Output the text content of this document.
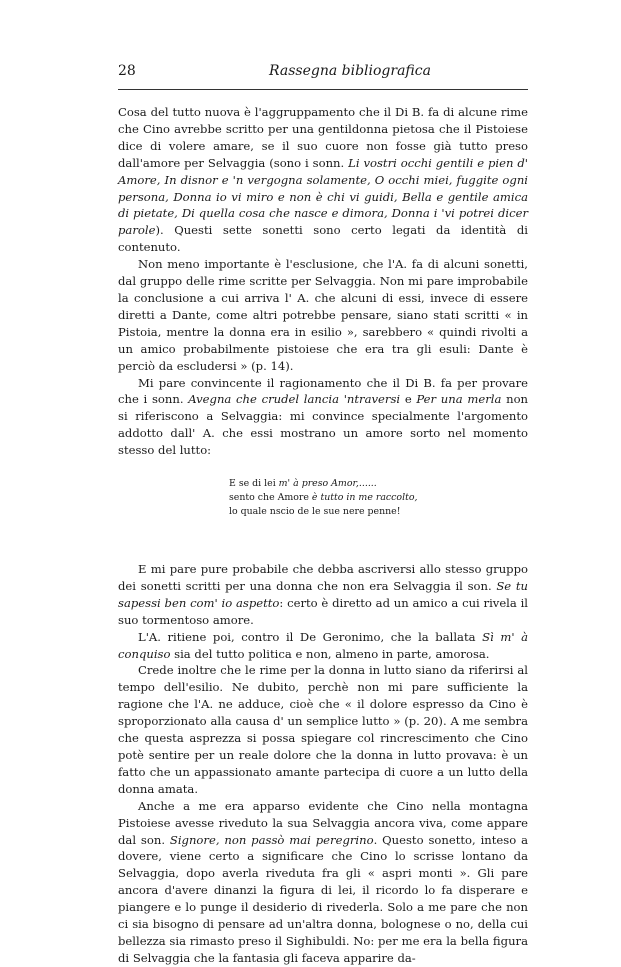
28	Rassegna bibliografica

Cosa del tutto nuova è l'aggruppamento che il Di B. fa di alcune rime che Cino avrebbe scritto per una gentildonna pietosa che il Pistoiese dice di volere amare, se il suo cuore non fosse già tutto preso dall'amore per Selvaggia (sono i sonn. Li vostri occhi gentili e pien d' Amore, In disnor e 'n vergogna solamente, O occhi miei, fuggite ogni persona, Donna io vi miro e non è chi vi guidi, Bella e gentile amica di pietate, Di quella cosa che nasce e dimora, Donna i 'vi potrei dicer parole). Questi sette sonetti sono certo legati da identità di contenuto.

Non meno importante è l'esclusione, che l'A. fa di alcuni sonetti, dal gruppo delle rime scritte per Selvaggia. Non mi pare improbabile la conclusione a cui arriva l' A. che alcuni di essi, invece di essere diretti a Dante, come altri potrebbe pensare, siano stati scritti « in Pistoia, mentre la donna era in esilio », sarebbero « quindi rivolti a un amico probabilmente pistoiese che era tra gli esuli: Dante è perciò da escludersi » (p. 14).

Mi pare convincente il ragionamento che il Di B. fa per provare che i sonn. Avegna che crudel lancia 'ntraversi e Per una merla non si riferiscono a Selvaggia: mi convince specialmente l'argomento addotto dall' A. che essi mostrano un amore sorto nel momento stesso del lutto:

E se di lei m' à preso Amor,......
sento che Amore è tutto in me raccolto,
lo quale nscio de le sue nere penne!

E mi pare pure probabile che debba ascriversi allo stesso gruppo dei sonetti scritti per una donna che non era Selvaggia il son. Se tu sapessi ben com' io aspetto: certo è diretto ad un amico a cui rivela il suo tormentoso amore.

L'A. ritiene poi, contro il De Geronimo, che la ballata Sì m' à conquiso sia del tutto politica e non, almeno in parte, amorosa.

Crede inoltre che le rime per la donna in lutto siano da riferirsi al tempo dell'esilio. Ne dubito, perchè non mi pare sufficiente la ragione che l'A. ne adduce, cioè che « il dolore espresso da Cino è sproporzionato alla causa d' un semplice lutto » (p. 20). A me sembra che questa asprezza si possa spiegare col rincrescimento che Cino potè sentire per un reale dolore che la donna in lutto provava: è un fatto che un appassionato amante partecipa di cuore a un lutto della donna amata.

Anche a me era apparso evidente che Cino nella montagna Pistoiese avesse riveduto la sua Selvaggia ancora viva, come appare dal son. Signore, non passò mai peregrino. Questo sonetto, inteso a dovere, viene certo a significare che Cino lo scrisse lontano da Selvaggia, dopo averla riveduta fra gli « aspri monti ». Gli pare ancora d'avere dinanzi la figura di lei, il ricordo lo fa disperare e piangere e lo punge il desiderio di rivederla. Solo a me pare che non ci sia bisogno di pensare ad un'altra donna, bolognese o no, della cui bellezza sia rimasto preso il Sighibuldi. No: per me era la bella figura di Selvaggia che la fantasia gli faceva apparire da-
